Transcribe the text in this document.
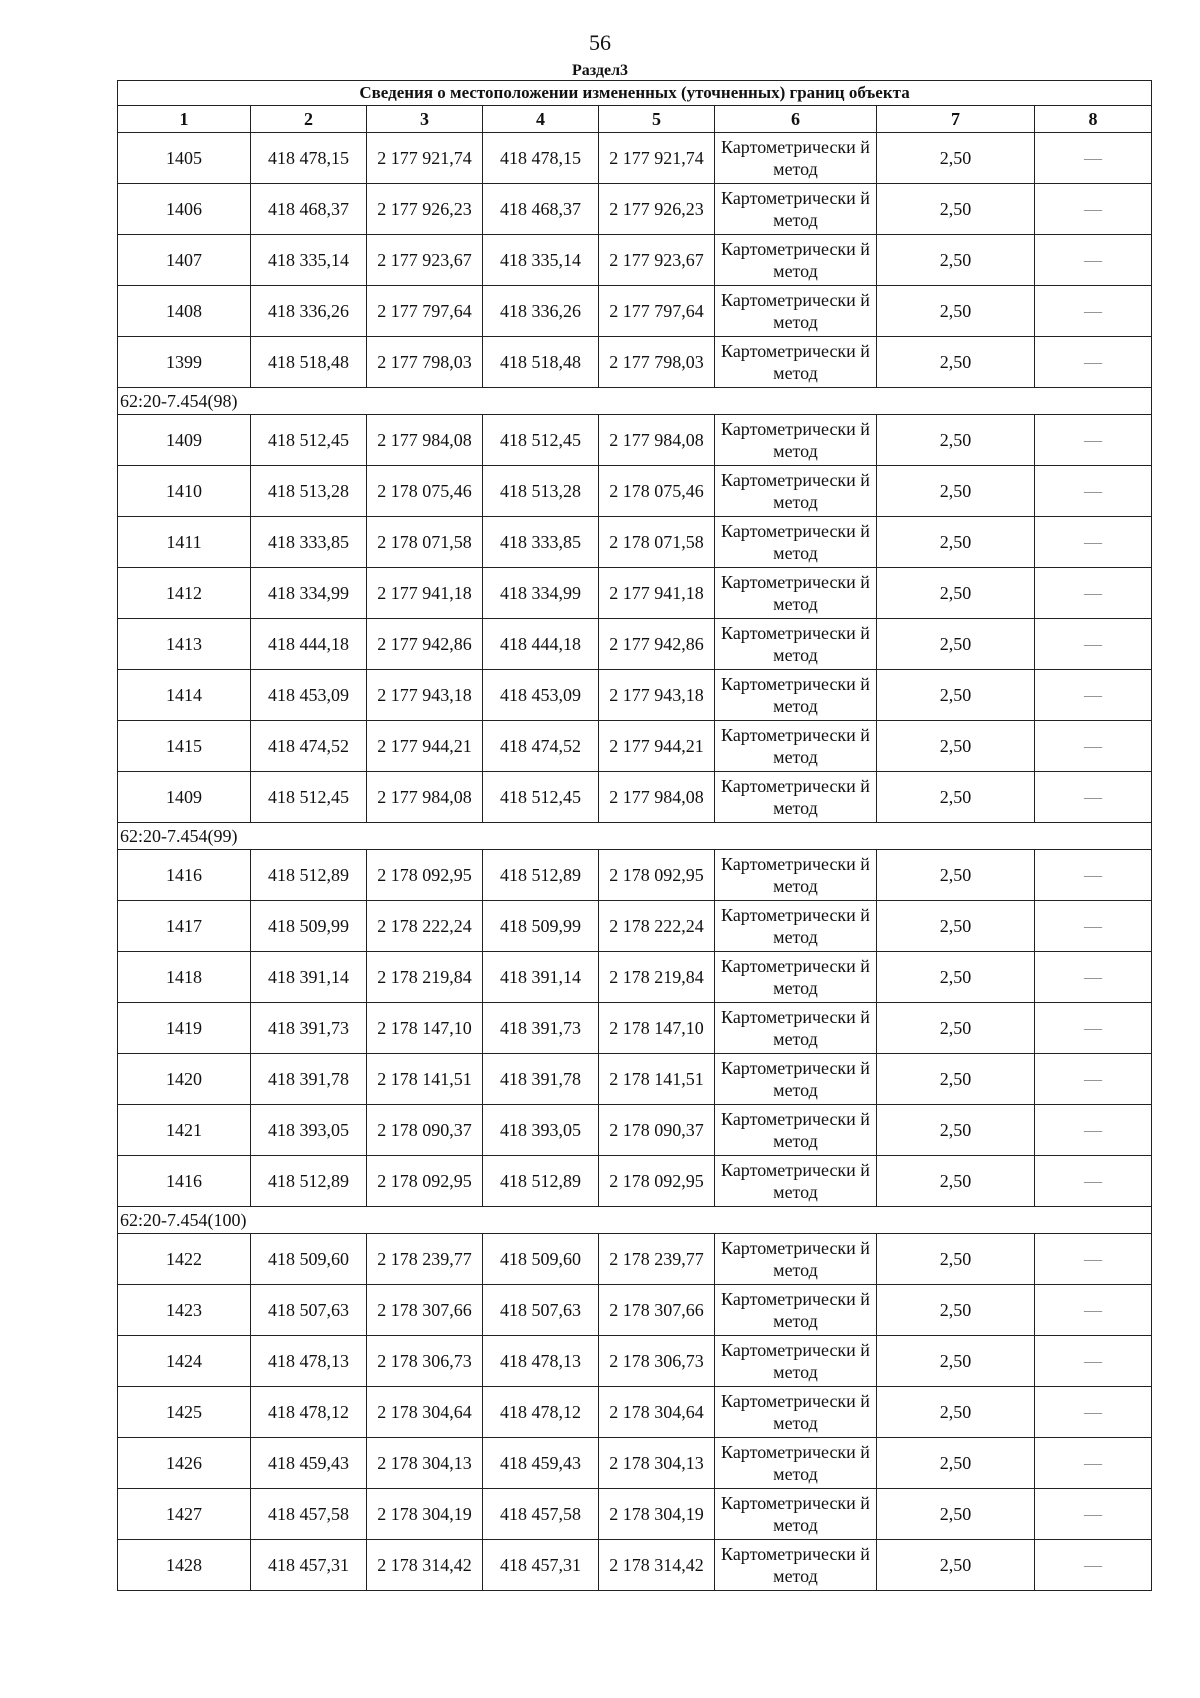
56
Раздел3
Сведения о местоположении измененных (уточненных) границ объекта							
1	2	3	4	5	6	7	8
1405	418 478,15	2 177 921,74	418 478,15	2 177 921,74	Картометрически й метод	2,50	—
1406	418 468,37	2 177 926,23	418 468,37	2 177 926,23	Картометрически й метод	2,50	—
1407	418 335,14	2 177 923,67	418 335,14	2 177 923,67	Картометрически й метод	2,50	—
1408	418 336,26	2 177 797,64	418 336,26	2 177 797,64	Картометрически й метод	2,50	—
1399	418 518,48	2 177 798,03	418 518,48	2 177 798,03	Картометрически й метод	2,50	—
62:20-7.454(98)							
1409	418 512,45	2 177 984,08	418 512,45	2 177 984,08	Картометрически й метод	2,50	—
1410	418 513,28	2 178 075,46	418 513,28	2 178 075,46	Картометрически й метод	2,50	—
1411	418 333,85	2 178 071,58	418 333,85	2 178 071,58	Картометрически й метод	2,50	—
1412	418 334,99	2 177 941,18	418 334,99	2 177 941,18	Картометрически й метод	2,50	—
1413	418 444,18	2 177 942,86	418 444,18	2 177 942,86	Картометрически й метод	2,50	—
1414	418 453,09	2 177 943,18	418 453,09	2 177 943,18	Картометрически й метод	2,50	—
1415	418 474,52	2 177 944,21	418 474,52	2 177 944,21	Картометрически й метод	2,50	—
1409	418 512,45	2 177 984,08	418 512,45	2 177 984,08	Картометрически й метод	2,50	—
62:20-7.454(99)							
1416	418 512,89	2 178 092,95	418 512,89	2 178 092,95	Картометрически й метод	2,50	—
1417	418 509,99	2 178 222,24	418 509,99	2 178 222,24	Картометрически й метод	2,50	—
1418	418 391,14	2 178 219,84	418 391,14	2 178 219,84	Картометрически й метод	2,50	—
1419	418 391,73	2 178 147,10	418 391,73	2 178 147,10	Картометрически й метод	2,50	—
1420	418 391,78	2 178 141,51	418 391,78	2 178 141,51	Картометрически й метод	2,50	—
1421	418 393,05	2 178 090,37	418 393,05	2 178 090,37	Картометрически й метод	2,50	—
1416	418 512,89	2 178 092,95	418 512,89	2 178 092,95	Картометрически й метод	2,50	—
62:20-7.454(100)							
1422	418 509,60	2 178 239,77	418 509,60	2 178 239,77	Картометрически й метод	2,50	—
1423	418 507,63	2 178 307,66	418 507,63	2 178 307,66	Картометрически й метод	2,50	—
1424	418 478,13	2 178 306,73	418 478,13	2 178 306,73	Картометрически й метод	2,50	—
1425	418 478,12	2 178 304,64	418 478,12	2 178 304,64	Картометрически й метод	2,50	—
1426	418 459,43	2 178 304,13	418 459,43	2 178 304,13	Картометрически й метод	2,50	—
1427	418 457,58	2 178 304,19	418 457,58	2 178 304,19	Картометрически й метод	2,50	—
1428	418 457,31	2 178 314,42	418 457,31	2 178 314,42	Картометрически й метод	2,50	—
